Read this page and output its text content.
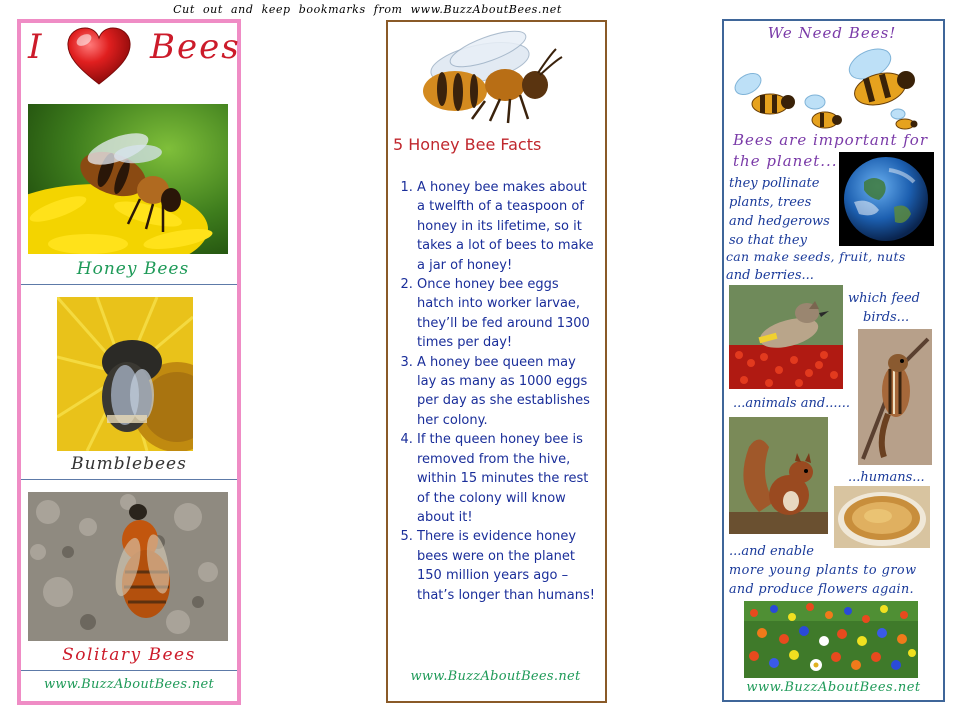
Cut out and keep bookmarks from www.BuzzAboutBees.net
I	Bees
Honey Bees
Bumblebees
Solitary Bees
www.BuzzAboutBees.net
5 Honey Bee Facts
1. A honey bee makes about a twelfth of a teaspoon of honey in its lifetime, so it takes a lot of bees to make a jar of honey!
2. Once honey bee eggs hatch into worker larvae, they’ll be fed around 1300 times per day!
3. A honey bee queen may lay as many as 1000 eggs per day as she establishes her colony.
4. If the queen honey bee is removed from the hive, within 15 minutes the rest of the colony will know about it!
5. There is evidence honey bees were on the planet 150 million years ago – that’s longer than humans!
www.BuzzAboutBees.net
We Need Bees!
Bees are important for
the planet...
they pollinate
plants, trees
and hedgerows
so that they
can make seeds, fruit, nuts
and berries...
which feed
birds...
...animals and......
...humans...
...and enable
more young plants to grow
and produce flowers again.
www.BuzzAboutBees.net
